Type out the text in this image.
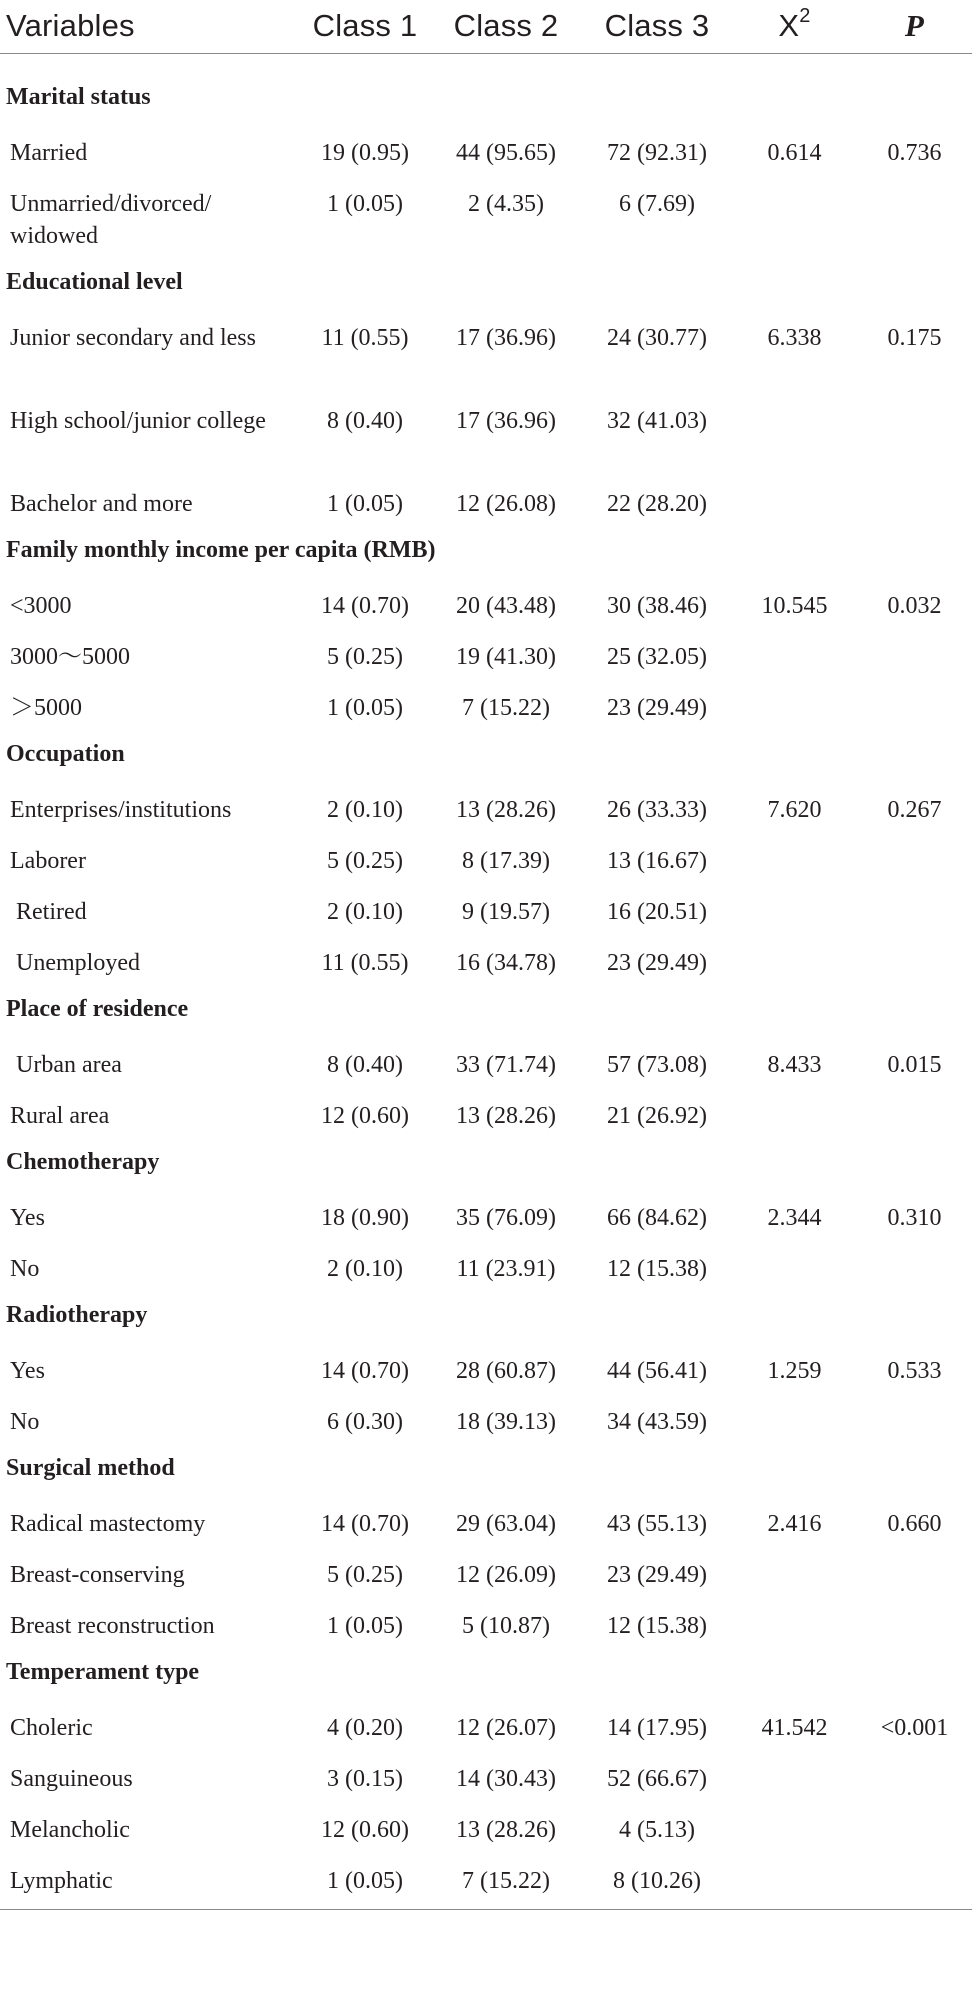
Variables	Class 1	Class 2	Class 3	$X^2$	P

Marital status					
Married	19 (0.95)	44 (95.65)	72 (92.31)	0.614	0.736
Unmarried/divorced/ widowed	1 (0.05)	2 (4.35)	6 (7.69)		
Educational level					
Junior secondary and less	11 (0.55)	17 (36.96)	24 (30.77)	6.338	0.175
High school/junior college	8 (0.40)	17 (36.96)	32 (41.03)		
Bachelor and more	1 (0.05)	12 (26.08)	22 (28.20)		
Family monthly income per capita (RMB)					
<3000	14 (0.70)	20 (43.48)	30 (38.46)	10.545	0.032
3000～5000	5 (0.25)	19 (41.30)	25 (32.05)		
＞5000	1 (0.05)	7 (15.22)	23 (29.49)		
Occupation					
Enterprises/institutions	2 (0.10)	13 (28.26)	26 (33.33)	7.620	0.267
Laborer	5 (0.25)	8 (17.39)	13 (16.67)		
Retired	2 (0.10)	9 (19.57)	16 (20.51)		
Unemployed	11 (0.55)	16 (34.78)	23 (29.49)		
Place of residence					
Urban area	8 (0.40)	33 (71.74)	57 (73.08)	8.433	0.015
Rural area	12 (0.60)	13 (28.26)	21 (26.92)		
Chemotherapy					
Yes	18 (0.90)	35 (76.09)	66 (84.62)	2.344	0.310
No	2 (0.10)	11 (23.91)	12 (15.38)		
Radiotherapy					
Yes	14 (0.70)	28 (60.87)	44 (56.41)	1.259	0.533
No	6 (0.30)	18 (39.13)	34 (43.59)		
Surgical method					
Radical mastectomy	14 (0.70)	29 (63.04)	43 (55.13)	2.416	0.660
Breast-conserving	5 (0.25)	12 (26.09)	23 (29.49)		
Breast reconstruction	1 (0.05)	5 (10.87)	12 (15.38)		
Temperament type					
Choleric	4 (0.20)	12 (26.07)	14 (17.95)	41.542	<0.001
Sanguineous	3 (0.15)	14 (30.43)	52 (66.67)		
Melancholic	12 (0.60)	13 (28.26)	4 (5.13)		
Lymphatic	1 (0.05)	7 (15.22)	8 (10.26)		
